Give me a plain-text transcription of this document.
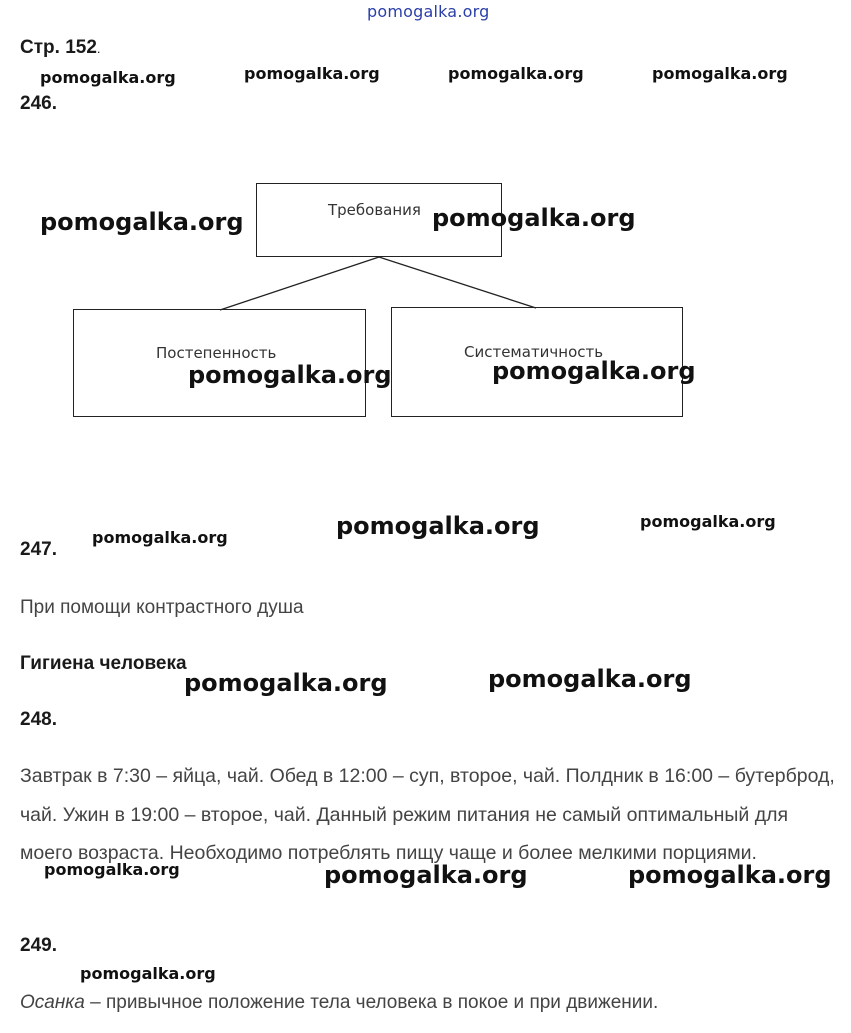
pomogalka.org
Стр. 152.
pomogalka.org	pomogalka.org	pomogalka.org	pomogalka.org
246.
Требования
Постепенность	Систематичность
pomogalka.org	pomogalka.org
pomogalka.org	pomogalka.org
pomogalka.org	pomogalka.org	pomogalka.org
247.
При помощи контрастного душа
Гигиена человека
pomogalka.org	pomogalka.org
248.
Завтрак в 7:30 – яйца, чай. Обед в 12:00 – суп, второе, чай. Полдник в 16:00 – бутерброд, чай. Ужин в 19:00 – второе, чай. Данный режим питания не самый оптимальный для моего возраста. Необходимо потреблять пищу чаще и более мелкими порциями.
pomogalka.org	pomogalka.org	pomogalka.org
249.
pomogalka.org
Осанка – привычное положение тела человека в покое и при движении.
